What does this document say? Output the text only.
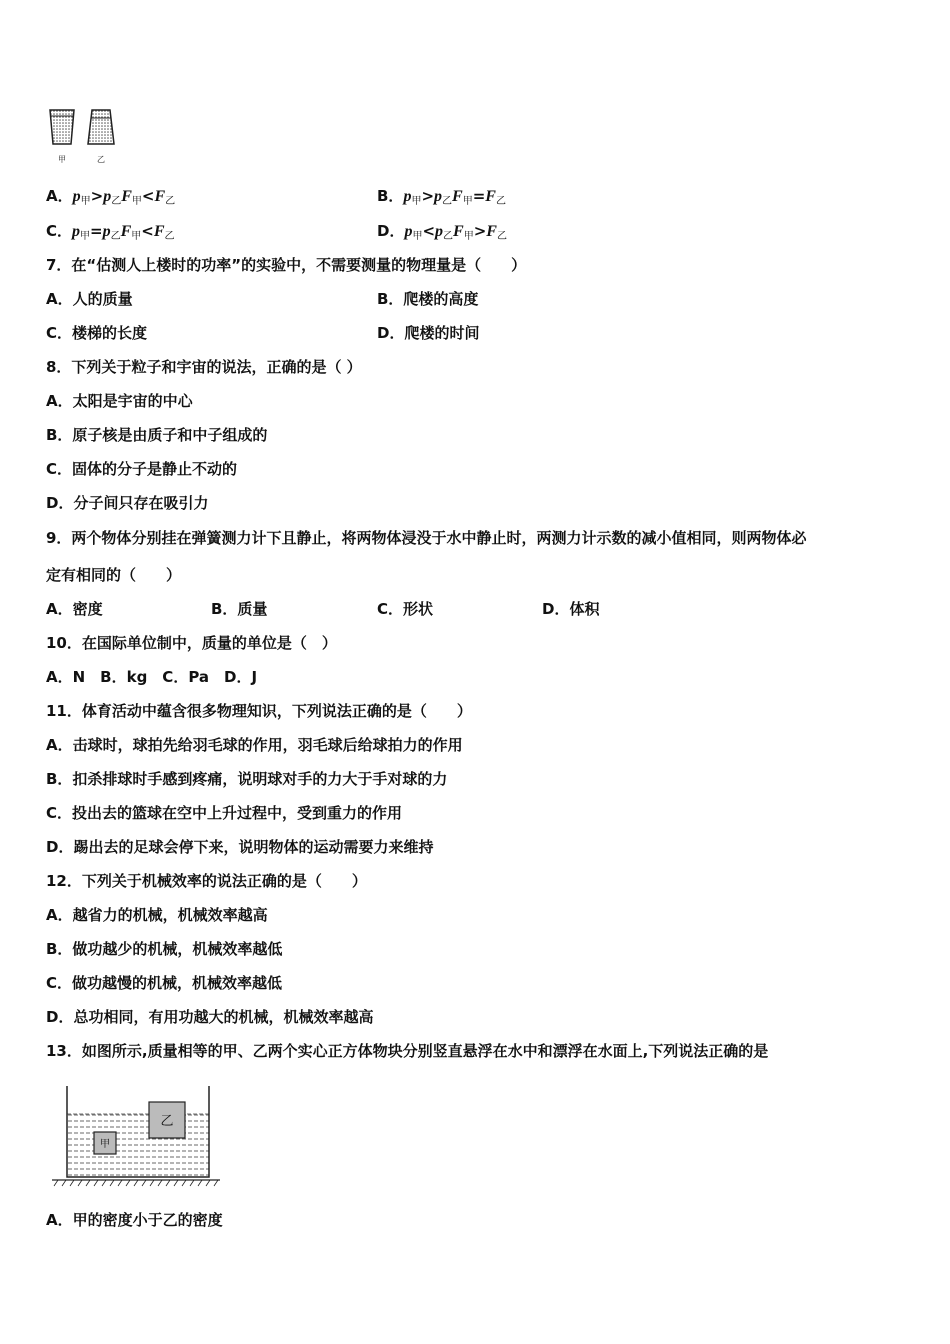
甲	乙
A．$p_甲>p_乙F_甲<F_乙$	B．$p_甲>p_乙F_甲=F_乙$
C．$p_甲=p_乙F_甲<F_乙$	D．$p_甲<p_乙F_甲>F_乙$
7．在“估测人上楼时的功率”的实验中，不需要测量的物理量是（　　）
A．人的质量	B．爬楼的高度
C．楼梯的长度	D．爬楼的时间
8．下列关于粒子和宇宙的说法，正确的是（ ）
A．太阳是宇宙的中心
B．原子核是由质子和中子组成的
C．固体的分子是静止不动的
D．分子间只存在吸引力
9．两个物体分别挂在弹簧测力计下且静止，将两物体浸没于水中静止时，两测力计示数的减小值相同，则两物体必
定有相同的（　　）
A．密度	B．质量	C．形状	D．体积
10．在国际单位制中，质量的单位是（　）
A．N　B．kg　C．Pa　D．J
11．体育活动中蕴含很多物理知识，下列说法正确的是（　　）
A．击球时，球拍先给羽毛球的作用，羽毛球后给球拍力的作用
B．扣杀排球时手感到疼痛，说明球对手的力大于手对球的力
C．投出去的篮球在空中上升过程中，受到重力的作用
D．踢出去的足球会停下来，说明物体的运动需要力来维持
12．下列关于机械效率的说法正确的是（　　）
A．越省力的机械，机械效率越高
B．做功越少的机械，机械效率越低
C．做功越慢的机械，机械效率越低
D．总功相同，有用功越大的机械，机械效率越高
13．如图所示,质量相等的甲、乙两个实心正方体物块分别竖直悬浮在水中和漂浮在水面上,下列说法正确的是
甲
乙
A．甲的密度小于乙的密度
